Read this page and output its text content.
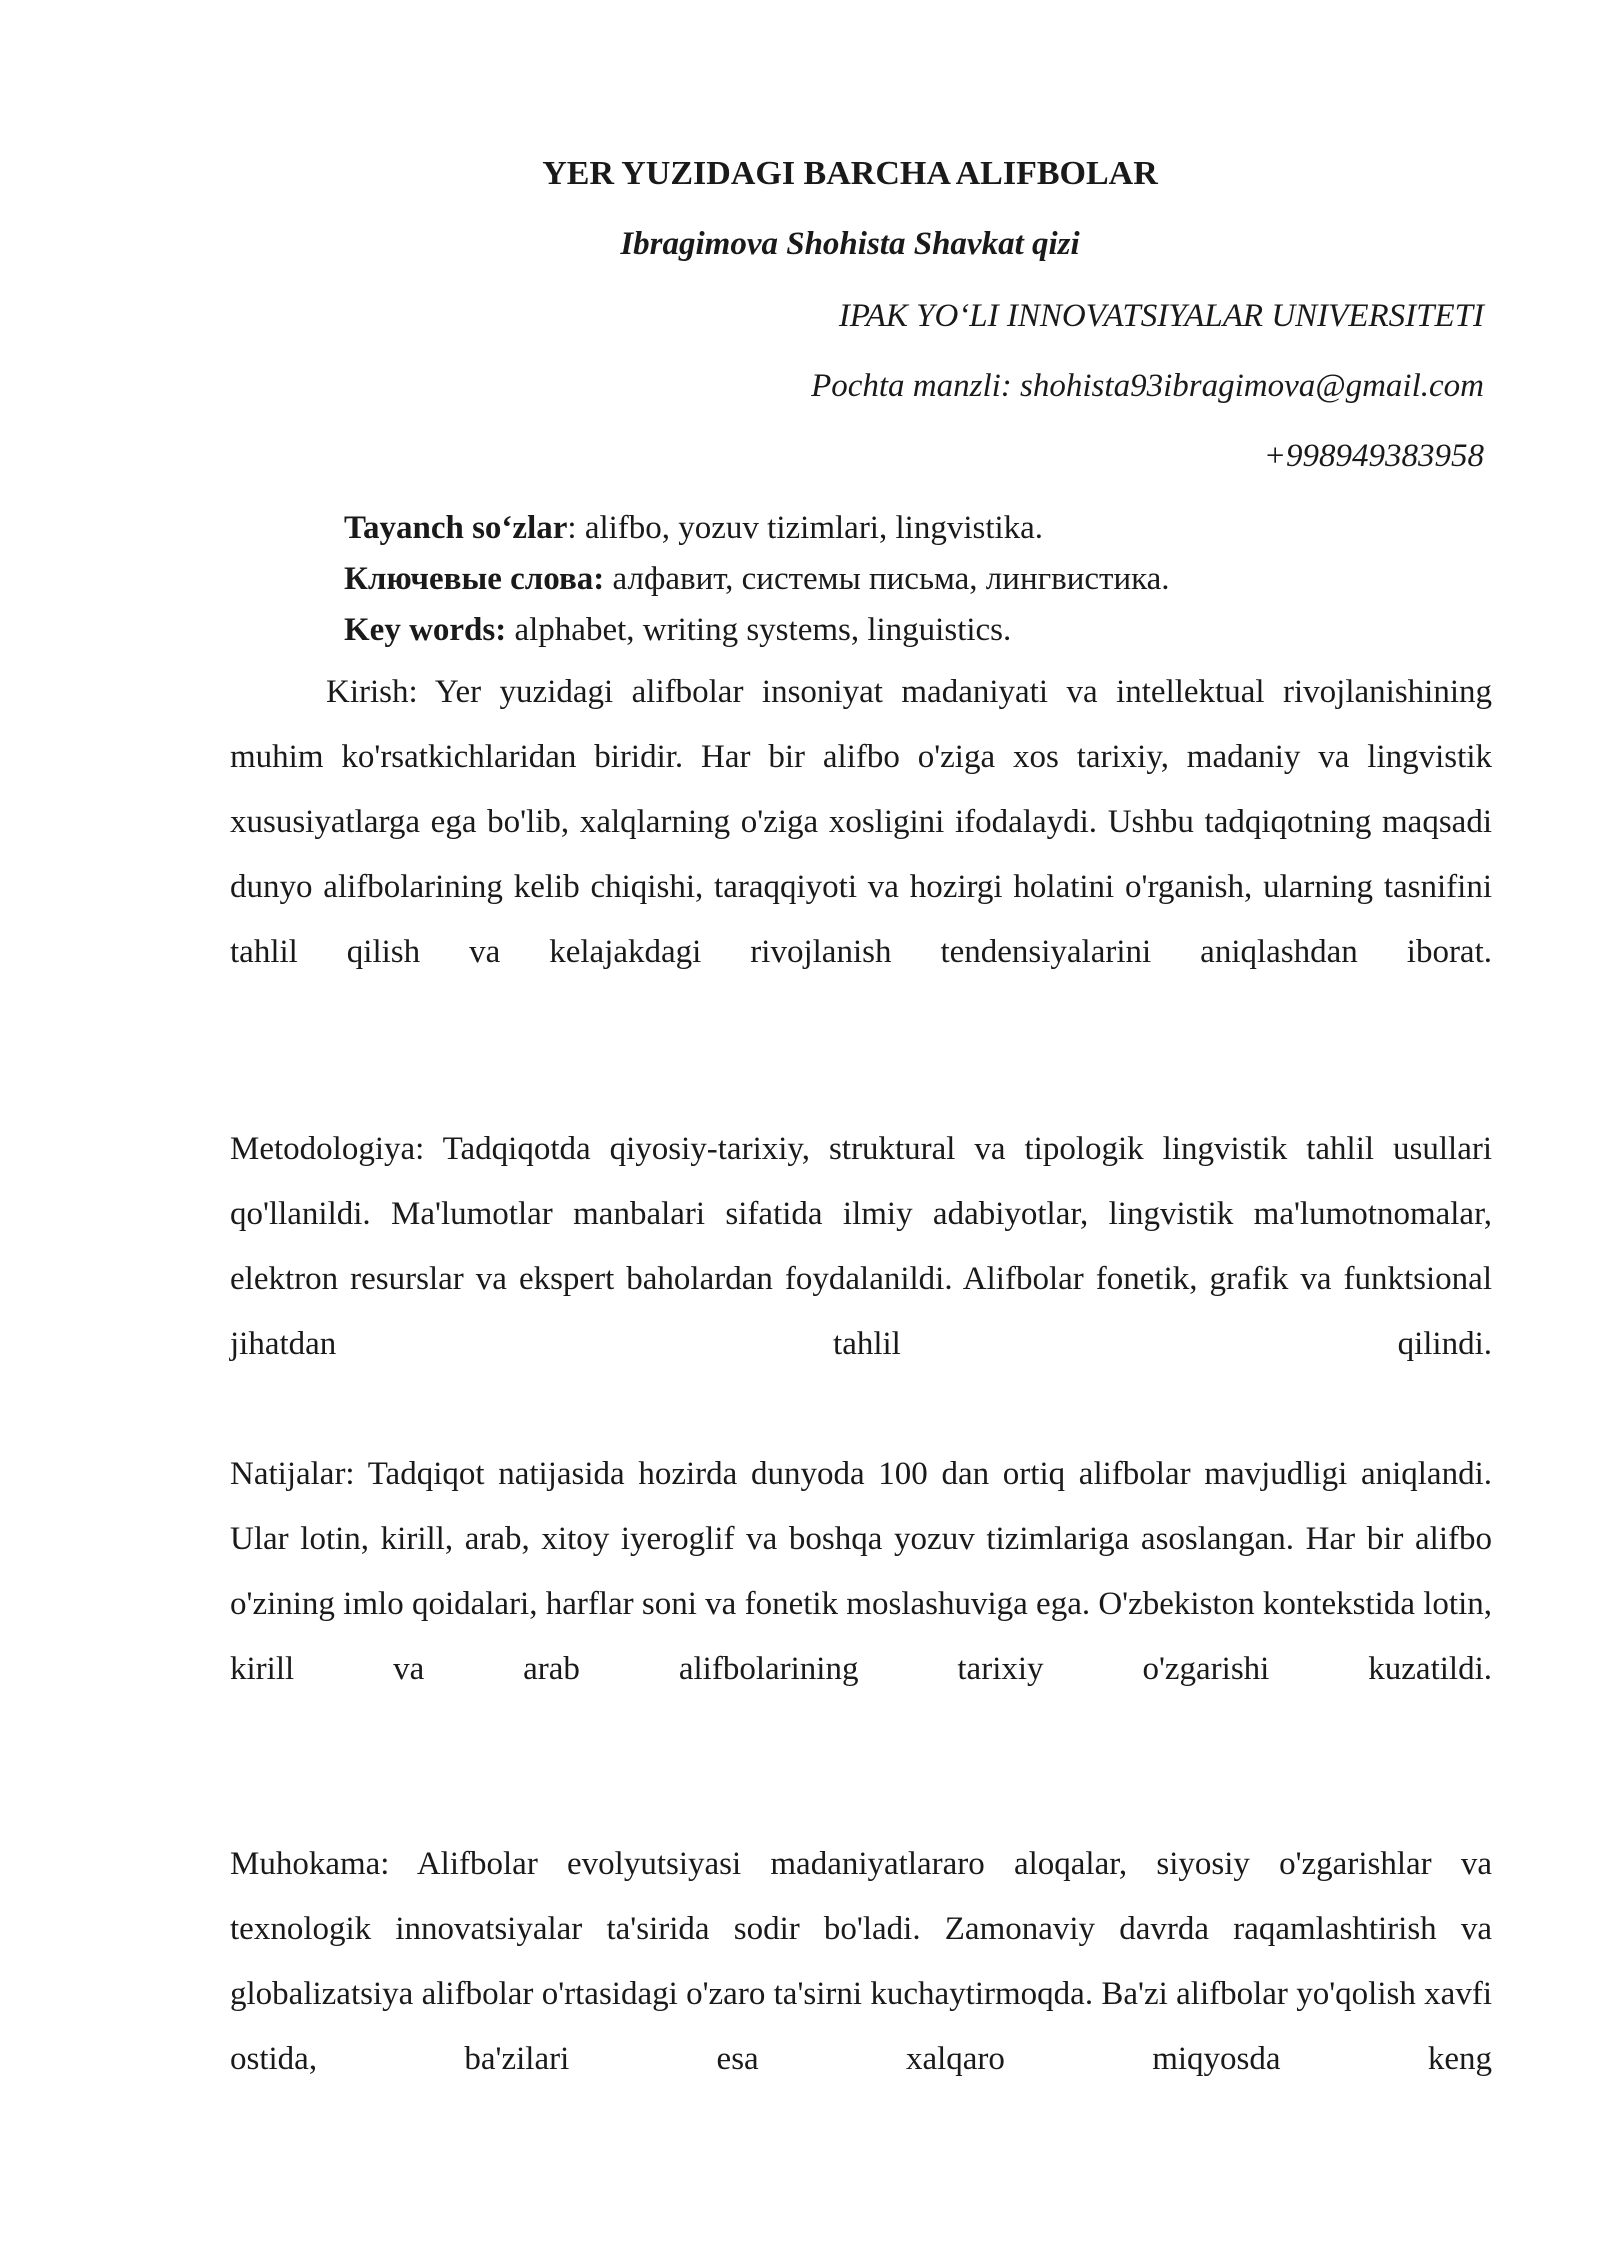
YER YUZIDAGI BARCHA ALIFBOLAR
Ibragimova Shohista Shavkat qizi
IPAK YO‘LI INNOVATSIYALAR UNIVERSITETI
Pochta manzli: shohista93ibragimova@gmail.com
+998949383958
Tayanch so‘zlar: alifbo, yozuv tizimlari, lingvistika.
Ключевые слова: алфавит, системы письма, лингвистика.
Key words: alphabet, writing systems, linguistics.

Kirish: Yer yuzidagi alifbolar insoniyat madaniyati va intellektual rivojlanishining muhim ko'rsatkichlaridan biridir. Har bir alifbo o'ziga xos tarixiy, madaniy va lingvistik xususiyatlarga ega bo'lib, xalqlarning o'ziga xosligini ifodalaydi. Ushbu tadqiqotning maqsadi dunyo alifbolarining kelib chiqishi, taraqqiyoti va hozirgi holatini o'rganish, ularning tasnifini tahlil qilish va kelajakdagi rivojlanish tendensiyalarini aniqlashdan iborat.

Metodologiya: Tadqiqotda qiyosiy-tarixiy, struktural va tipologik lingvistik tahlil usullari qo'llanildi. Ma'lumotlar manbalari sifatida ilmiy adabiyotlar, lingvistik ma'lumotnomalar, elektron resurslar va ekspert baholardan foydalanildi. Alifbolar fonetik, grafik va funktsional jihatdan tahlil qilindi.

Natijalar: Tadqiqot natijasida hozirda dunyoda 100 dan ortiq alifbolar mavjudligi aniqlandi. Ular lotin, kirill, arab, xitoy iyeroglif va boshqa yozuv tizimlariga asoslangan. Har bir alifbo o'zining imlo qoidalari, harflar soni va fonetik moslashuviga ega. O'zbekiston kontekstida lotin, kirill va arab alifbolarining tarixiy o'zgarishi kuzatildi.

Muhokama: Alifbolar evolyutsiyasi madaniyatlararo aloqalar, siyosiy o'zgarishlar va texnologik innovatsiyalar ta'sirida sodir bo'ladi. Zamonaviy davrda raqamlashtirish va globalizatsiya alifbolar o'rtasidagi o'zaro ta'sirni kuchaytirmoqda. Ba'zi alifbolar yo'qolish xavfi ostida, ba'zilari esa xalqaro miqyosda keng
